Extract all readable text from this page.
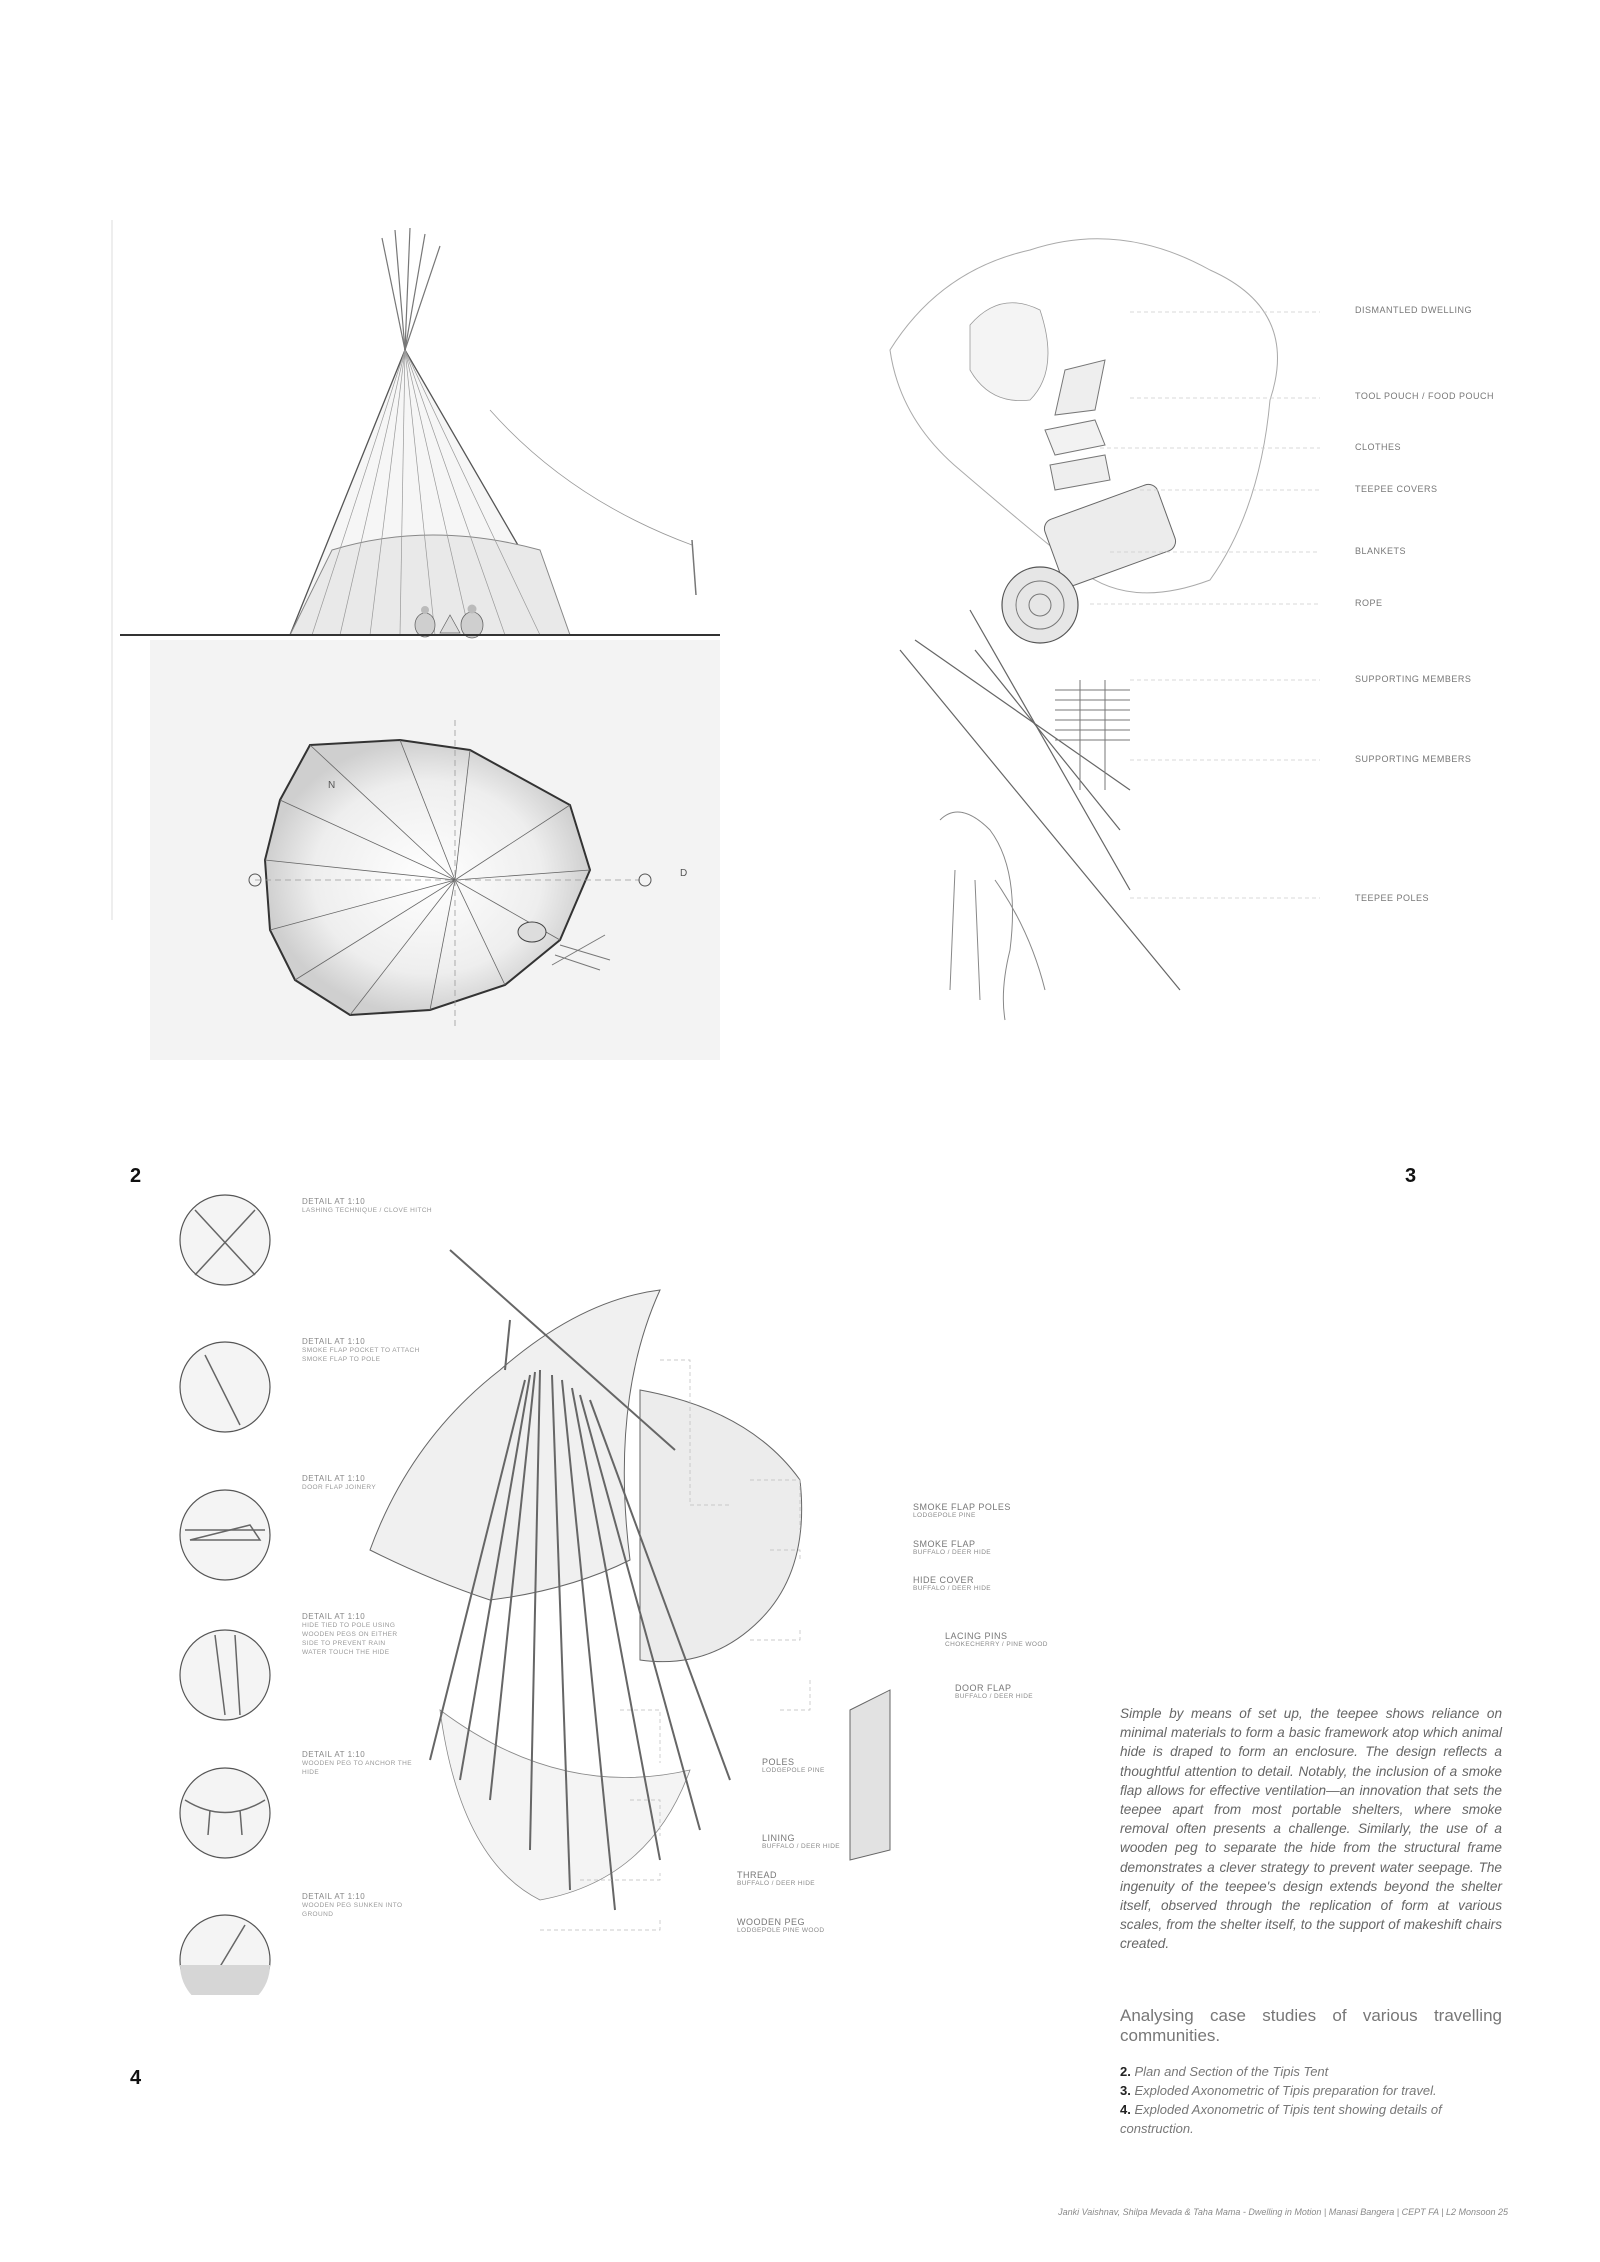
N
D
2
DISMANTLED DWELLING
TOOL POUCH / FOOD POUCH
CLOTHES
TEEPEE COVERS
BLANKETS
ROPE
SUPPORTING MEMBERS
SUPPORTING MEMBERS
TEEPEE POLES
3
DETAIL AT 1:10
LASHING TECHNIQUE / CLOVE HITCH
DETAIL AT 1:10
SMOKE FLAP POCKET TO ATTACH SMOKE FLAP TO POLE
DETAIL AT 1:10
DOOR FLAP JOINERY
DETAIL AT 1:10
HIDE TIED TO POLE USING WOODEN PEGS ON EITHER SIDE TO PREVENT RAIN WATER TOUCH THE HIDE
DETAIL AT 1:10
WOODEN PEG TO ANCHOR THE HIDE
DETAIL AT 1:10
WOODEN PEG SUNKEN INTO GROUND
SMOKE FLAP POLES
LODGEPOLE PINE
SMOKE FLAP
BUFFALO / DEER HIDE
HIDE COVER
BUFFALO / DEER HIDE
LACING PINS
CHOKECHERRY / PINE WOOD
DOOR FLAP
BUFFALO / DEER HIDE
POLES
LODGEPOLE PINE
LINING
BUFFALO / DEER HIDE
THREAD
BUFFALO / DEER HIDE
WOODEN PEG
LODGEPOLE PINE WOOD
4
Simple by means of set up, the teepee shows reliance on minimal materials to form a basic framework atop which animal hide is draped to form an enclosure. The design reflects a thoughtful attention to detail. Notably, the inclusion of a smoke flap allows for effective ventilation—an innovation that sets the teepee apart from most portable shelters, where smoke removal often presents a challenge. Similarly, the use of a wooden peg to separate the hide from the structural frame demonstrates a clever strategy to prevent water seepage. The ingenuity of the teepee's design extends beyond the shelter itself, observed through the replication of form at various scales, from the shelter itself, to the support of makeshift chairs created.
Analysing case studies of various travelling communities.
2. Plan and Section of the Tipis Tent
3. Exploded Axonometric of Tipis preparation for travel.
4. Exploded Axonometric of Tipis tent showing details of construction.
Janki Vaishnav, Shilpa Mevada & Taha Mama - Dwelling in Motion | Manasi Bangera | CEPT FA | L2 Monsoon 25
